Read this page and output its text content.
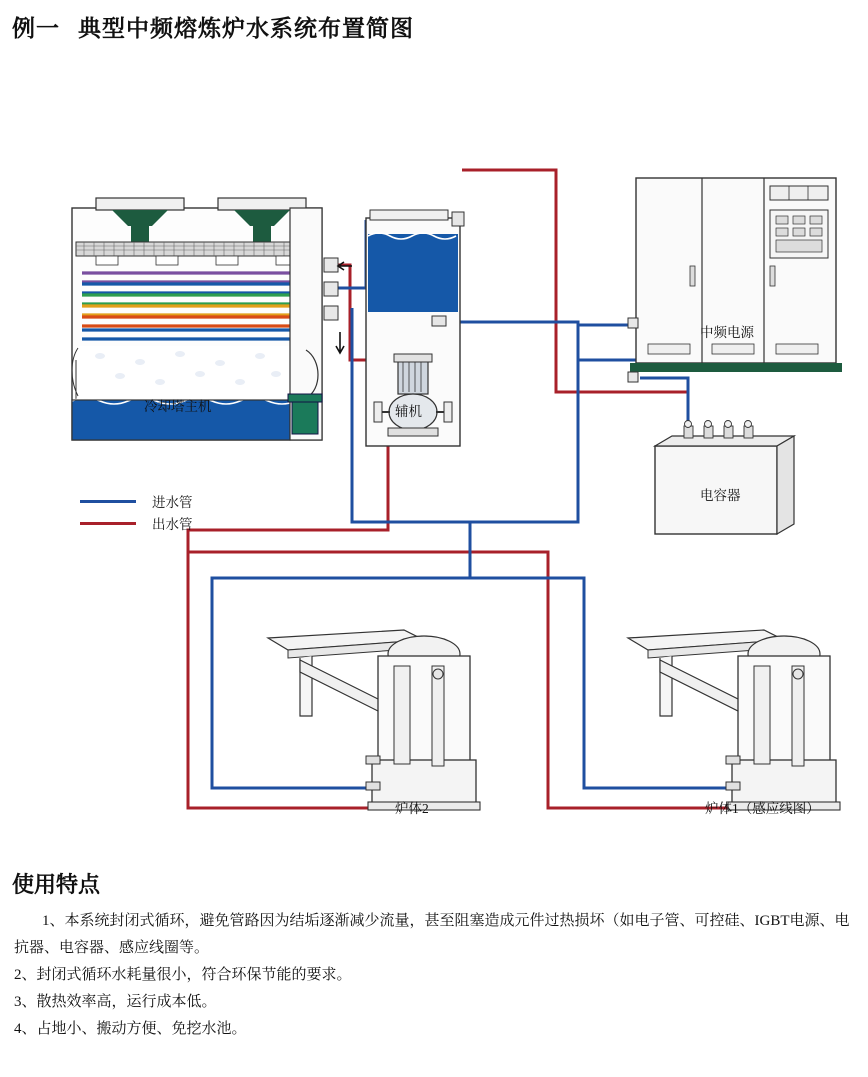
例一 典型中频熔炼炉水系统布置简图
冷却塔主机	辅机
中频电源
电容器
炉体2	炉体1（感应线图）
进水管
出水管
使用特点

1、本系统封闭式循环，避免管路因为结垢逐渐减少流量，甚至阻塞造成元件过热损坏（如电子管、可控硅、IGBT电源、电抗器、电容器、感应线圈等。

2、封闭式循环水耗量很小，符合环保节能的要求。

3、散热效率高，运行成本低。

4、占地小、搬动方便、免挖水池。
